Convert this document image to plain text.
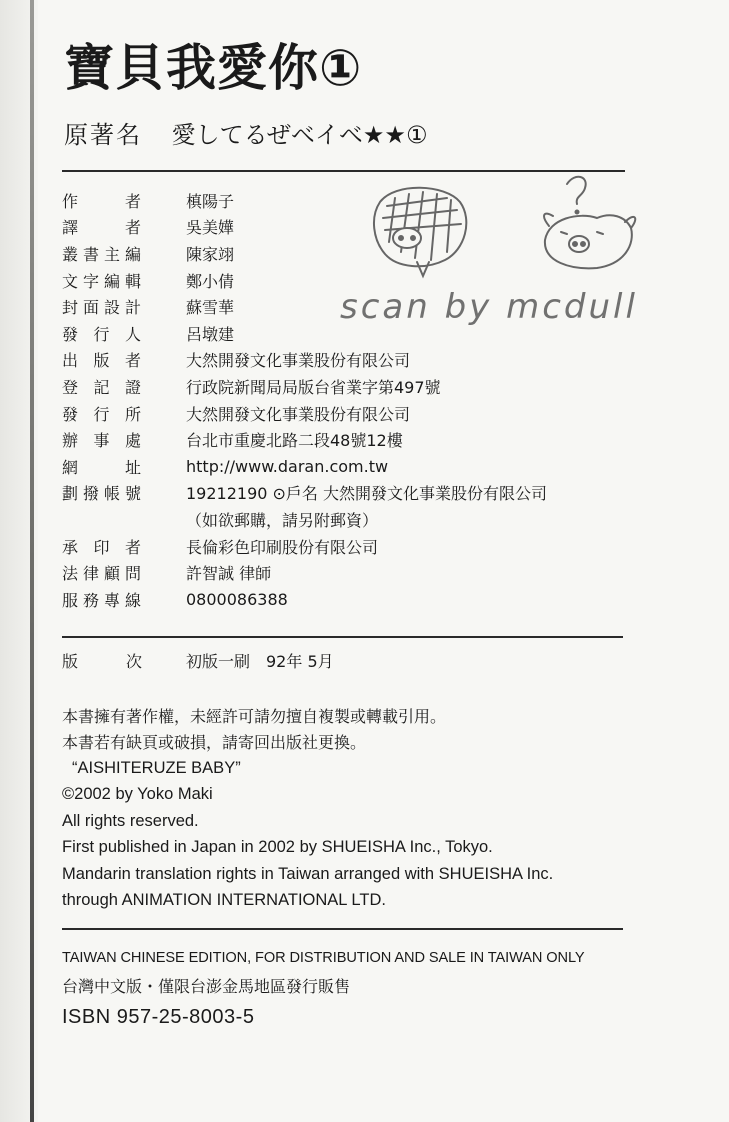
寶貝我愛你①
原著名 愛してるぜベイベ★★①
作者	槙陽子
譯者	吳美嬅
叢書主編	陳家翊
文字編輯	鄭小倩
封面設計	蘇雪華
發行人	呂墩建
出版者	大然開發文化事業股份有限公司
登記證	行政院新聞局局版台省業字第497號
發行所	大然開發文化事業股份有限公司
辦事處	台北市重慶北路二段48號12樓
網址	http://www.daran.com.tw
劃撥帳號	19212190 ⊙戶名 大然開發文化事業股份有限公司
（如欲郵購，請另附郵資）
承印者	長倫彩色印刷股份有限公司
法律顧問	許智誠 律師
服務專線	0800086388
版次	初版一刷　92年 5月
本書擁有著作權，未經許可請勿擅自複製或轉載引用。
本書若有缺頁或破損，請寄回出版社更換。
“AISHITERUZE BABY”
©2002 by Yoko Maki
All rights reserved.
First published in Japan in 2002 by SHUEISHA Inc., Tokyo.
Mandarin translation rights in Taiwan arranged with SHUEISHA Inc.
through ANIMATION INTERNATIONAL LTD.
TAIWAN CHINESE EDITION, FOR DISTRIBUTION AND SALE IN TAIWAN ONLY
台灣中文版・僅限台澎金馬地區發行販售
ISBN 957-25-8003-5
scan by mcdull
